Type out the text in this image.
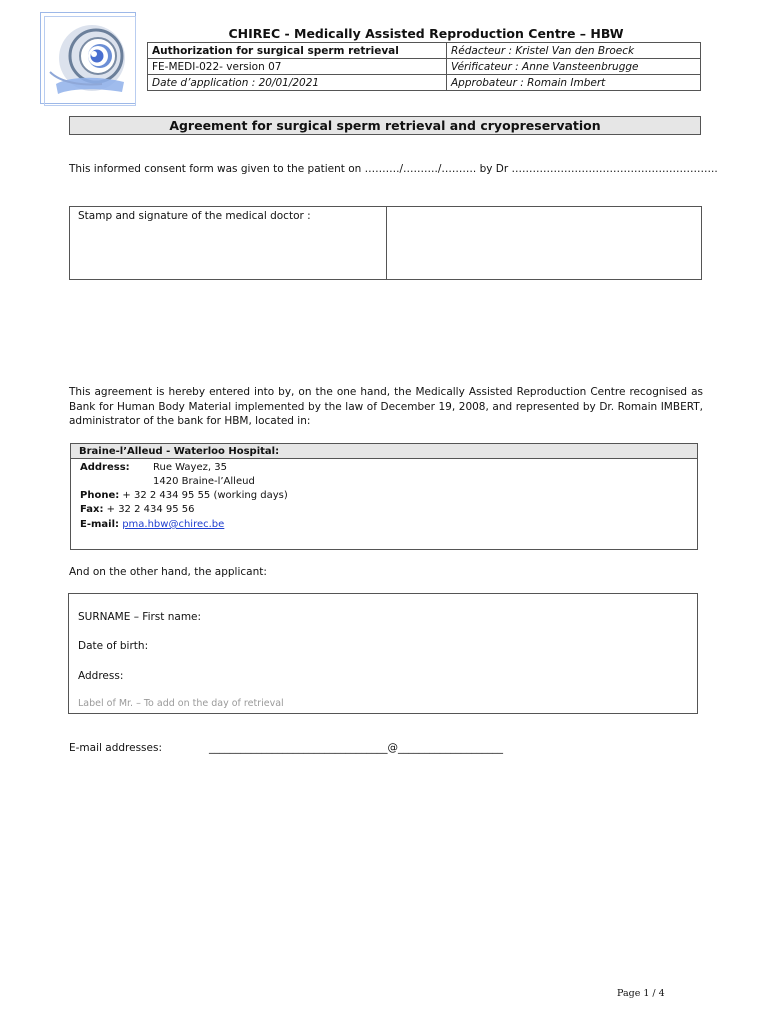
CHIREC - Medically Assisted Reproduction Centre – HBW
Authorization for surgical sperm retrieval	Rédacteur : Kristel Van den Broeck
FE-MEDI-022- version 07	Vérificateur : Anne Vansteenbrugge
Date d’application : 20/01/2021	Approbateur : Romain Imbert
Agreement for surgical sperm retrieval and cryopreservation
This informed consent form was given to the patient on ………./………./………. by Dr …………………………………………………..
Stamp and signature of the medical doctor :
This agreement is hereby entered into by, on the one hand, the Medically Assisted Reproduction Centre recognised as Bank for Human Body Material implemented by the law of December 19, 2008, and represented by Dr. Romain IMBERT, administrator of the bank for HBM, located in:
Braine-l’Alleud - Waterloo Hospital:
Address: Rue Wayez, 35
1420 Braine-l’Alleud
Phone: + 32 2 434 95 55 (working days)
Fax: + 32 2 434 95 56
E-mail: pma.hbw@chirec.be
And on the other hand, the applicant:
SURNAME – First name:
Date of birth:
Address:
Label of Mr. – To add on the day of retrieval
E-mail addresses:	__________________________________@____________________
Page 1 / 4
